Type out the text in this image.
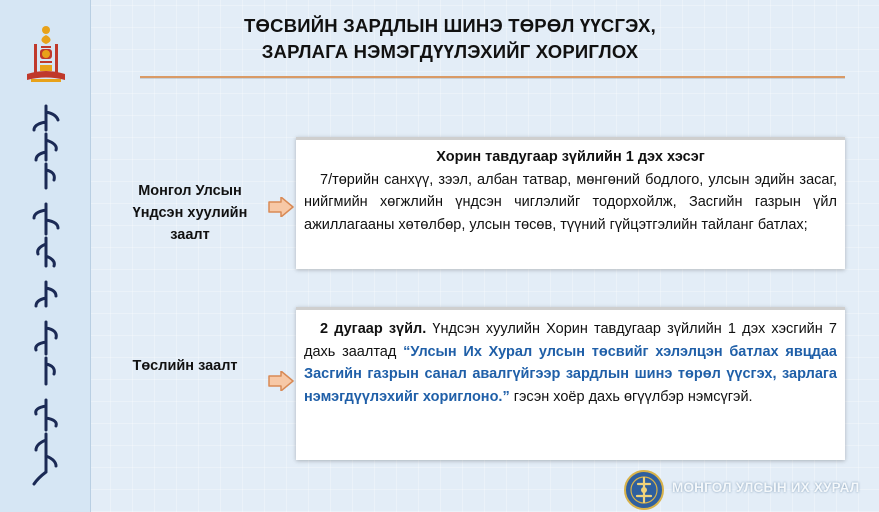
ТӨСВИЙН ЗАРДЛЫН ШИНЭ ТӨРӨЛ ҮҮСГЭХ,
ЗАРЛАГА НЭМЭГДҮҮЛЭХИЙГ ХОРИГЛОХ
Монгол Улсын Үндсэн хуулийн заалт
Хорин тавдугаар зүйлийн 1 дэх хэсэг
7/төрийн санхүү, зээл, албан татвар, мөнгөний бодлого, улсын эдийн засаг, нийгмийн хөгжлийн үндсэн чиглэлийг тодорхойлж, Засгийн газрын үйл ажиллагааны хөтөлбөр, улсын төсөв, түүний гүйцэтгэлийн тайланг батлах;
Төслийн заалт
2 дугаар зүйл. Үндсэн хуулийн Хорин тавдугаар зүйлийн 1 дэх хэсгийн 7 дахь заалтад “Улсын Их Хурал улсын төсвийг хэлэлцэн батлах явцдаа Засгийн газрын санал авалгүйгээр зардлын шинэ төрөл үүсгэх, зарлага нэмэгдүүлэхийг хориглоно.” гэсэн хоёр дахь өгүүлбэр нэмсүгэй.
МОНГОЛ УЛСЫН ИХ ХУРАЛ
